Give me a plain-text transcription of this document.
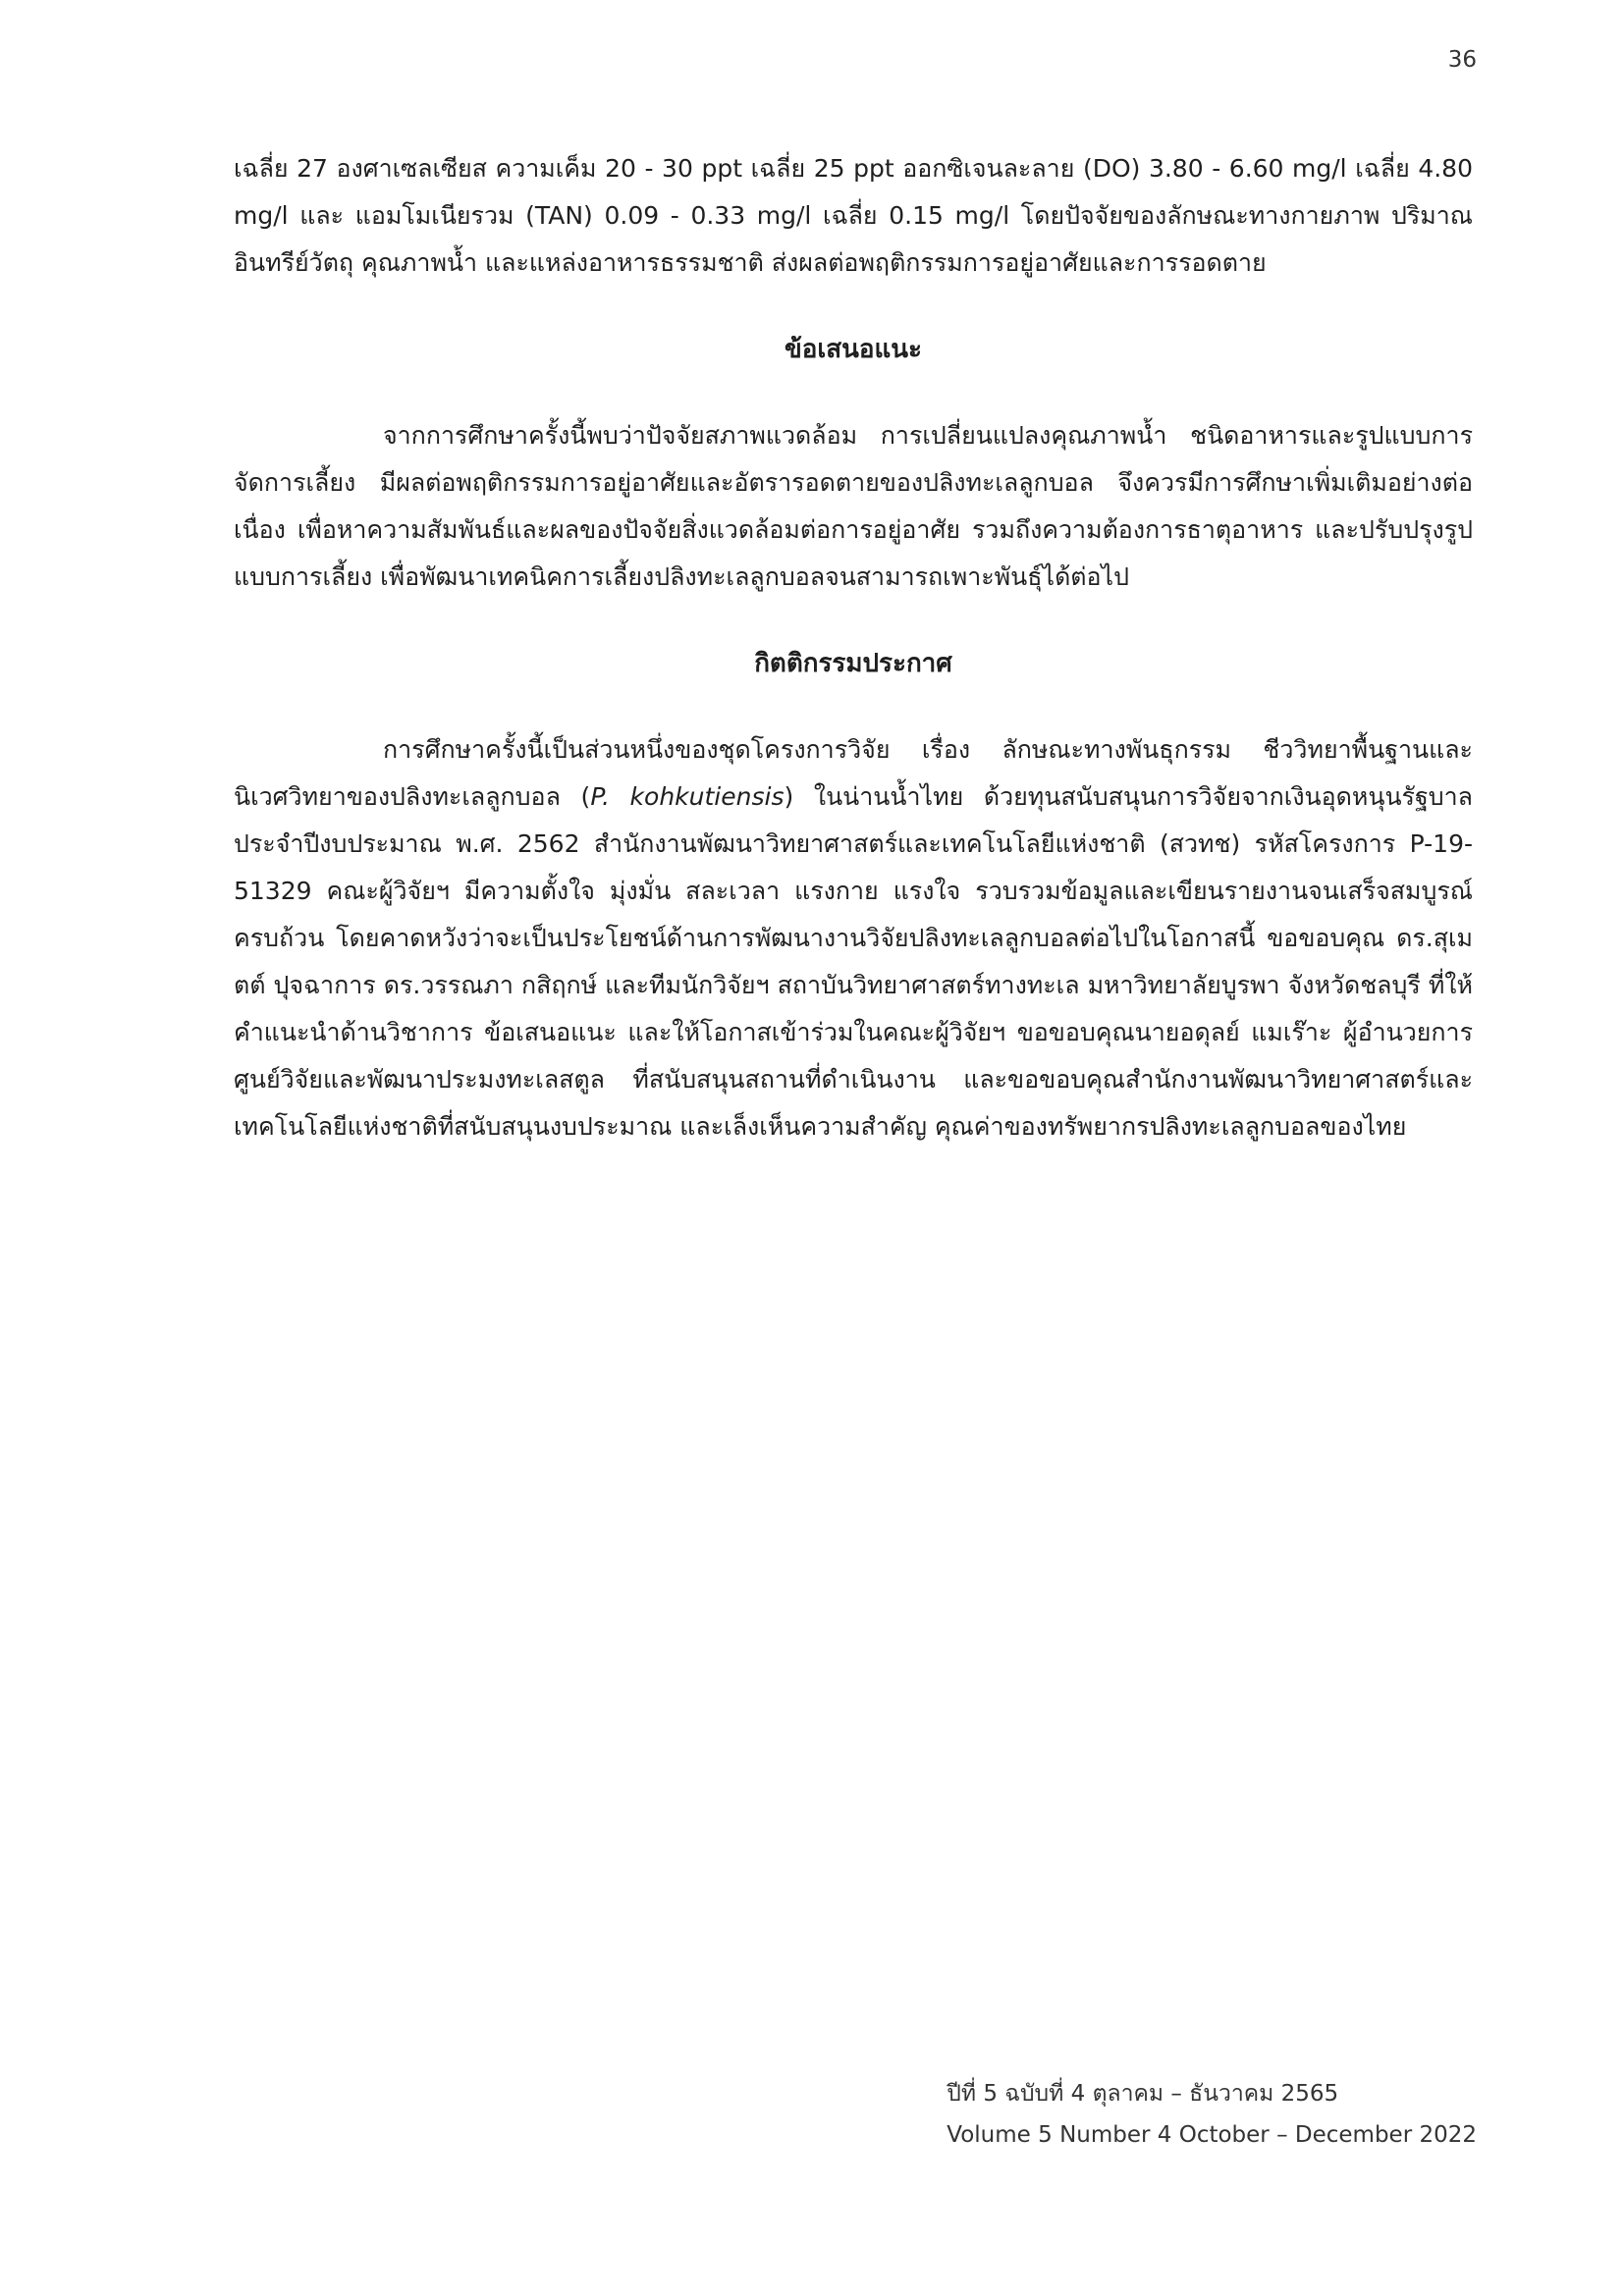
36

เฉลี่ย 27 องศาเซลเซียส ความเค็ม 20 - 30 ppt เฉลี่ย 25 ppt ออกซิเจนละลาย (DO) 3.80 - 6.60 mg/l เฉลี่ย 4.80 mg/l และ แอมโมเนียรวม (TAN) 0.09 - 0.33 mg/l เฉลี่ย 0.15 mg/l โดยปัจจัยของลักษณะทางกายภาพ ปริมาณอินทรีย์วัตถุ คุณภาพน้ำ และแหล่งอาหารธรรมชาติ ส่งผลต่อพฤติกรรมการอยู่อาศัยและการรอดตาย

ข้อเสนอแนะ

จากการศึกษาครั้งนี้พบว่าปัจจัยสภาพแวดล้อม การเปลี่ยนแปลงคุณภาพน้ำ ชนิดอาหารและรูปแบบการจัดการเลี้ยง มีผลต่อพฤติกรรมการอยู่อาศัยและอัตรารอดตายของปลิงทะเลลูกบอล จึงควรมีการศึกษาเพิ่มเติมอย่างต่อเนื่อง เพื่อหาความสัมพันธ์และผลของปัจจัยสิ่งแวดล้อมต่อการอยู่อาศัย รวมถึงความต้องการธาตุอาหาร และปรับปรุงรูปแบบการเลี้ยง เพื่อพัฒนาเทคนิคการเลี้ยงปลิงทะเลลูกบอลจนสามารถเพาะพันธุ์ได้ต่อไป

กิตติกรรมประกาศ

การศึกษาครั้งนี้เป็นส่วนหนึ่งของชุดโครงการวิจัย เรื่อง ลักษณะทางพันธุกรรม ชีววิทยาพื้นฐานและนิเวศวิทยาของปลิงทะเลลูกบอล (P. kohkutiensis) ในน่านน้ำไทย ด้วยทุนสนับสนุนการวิจัยจากเงินอุดหนุนรัฐบาลประจำปีงบประมาณ พ.ศ. 2562 สำนักงานพัฒนาวิทยาศาสตร์และเทคโนโลยีแห่งชาติ (สวทช) รหัสโครงการ P-19-51329 คณะผู้วิจัยฯ มีความตั้งใจ มุ่งมั่น สละเวลา แรงกาย แรงใจ รวบรวมข้อมูลและเขียนรายงานจนเสร็จสมบูรณ์ ครบถ้วน โดยคาดหวังว่าจะเป็นประโยชน์ด้านการพัฒนางานวิจัยปลิงทะเลลูกบอลต่อไปในโอกาสนี้ ขอขอบคุณ ดร.สุเมตต์ ปุจฉาการ ดร.วรรณภา กสิฤกษ์ และทีมนักวิจัยฯ สถาบันวิทยาศาสตร์ทางทะเล มหาวิทยาลัยบูรพา จังหวัดชลบุรี ที่ให้คำแนะนำด้านวิชาการ ข้อเสนอแนะ และให้โอกาสเข้าร่วมในคณะผู้วิจัยฯ ขอขอบคุณนายอดุลย์ แมเร๊าะ ผู้อำนวยการศูนย์วิจัยและพัฒนาประมงทะเลสตูล ที่สนับสนุนสถานที่ดำเนินงาน และขอขอบคุณสำนักงานพัฒนาวิทยาศาสตร์และเทคโนโลยีแห่งชาติที่สนับสนุนงบประมาณ และเล็งเห็นความสำคัญ คุณค่าของทรัพยากรปลิงทะเลลูกบอลของไทย

ปีที่ 5 ฉบับที่ 4 ตุลาคม – ธันวาคม 2565
Volume 5 Number 4 October – December 2022
